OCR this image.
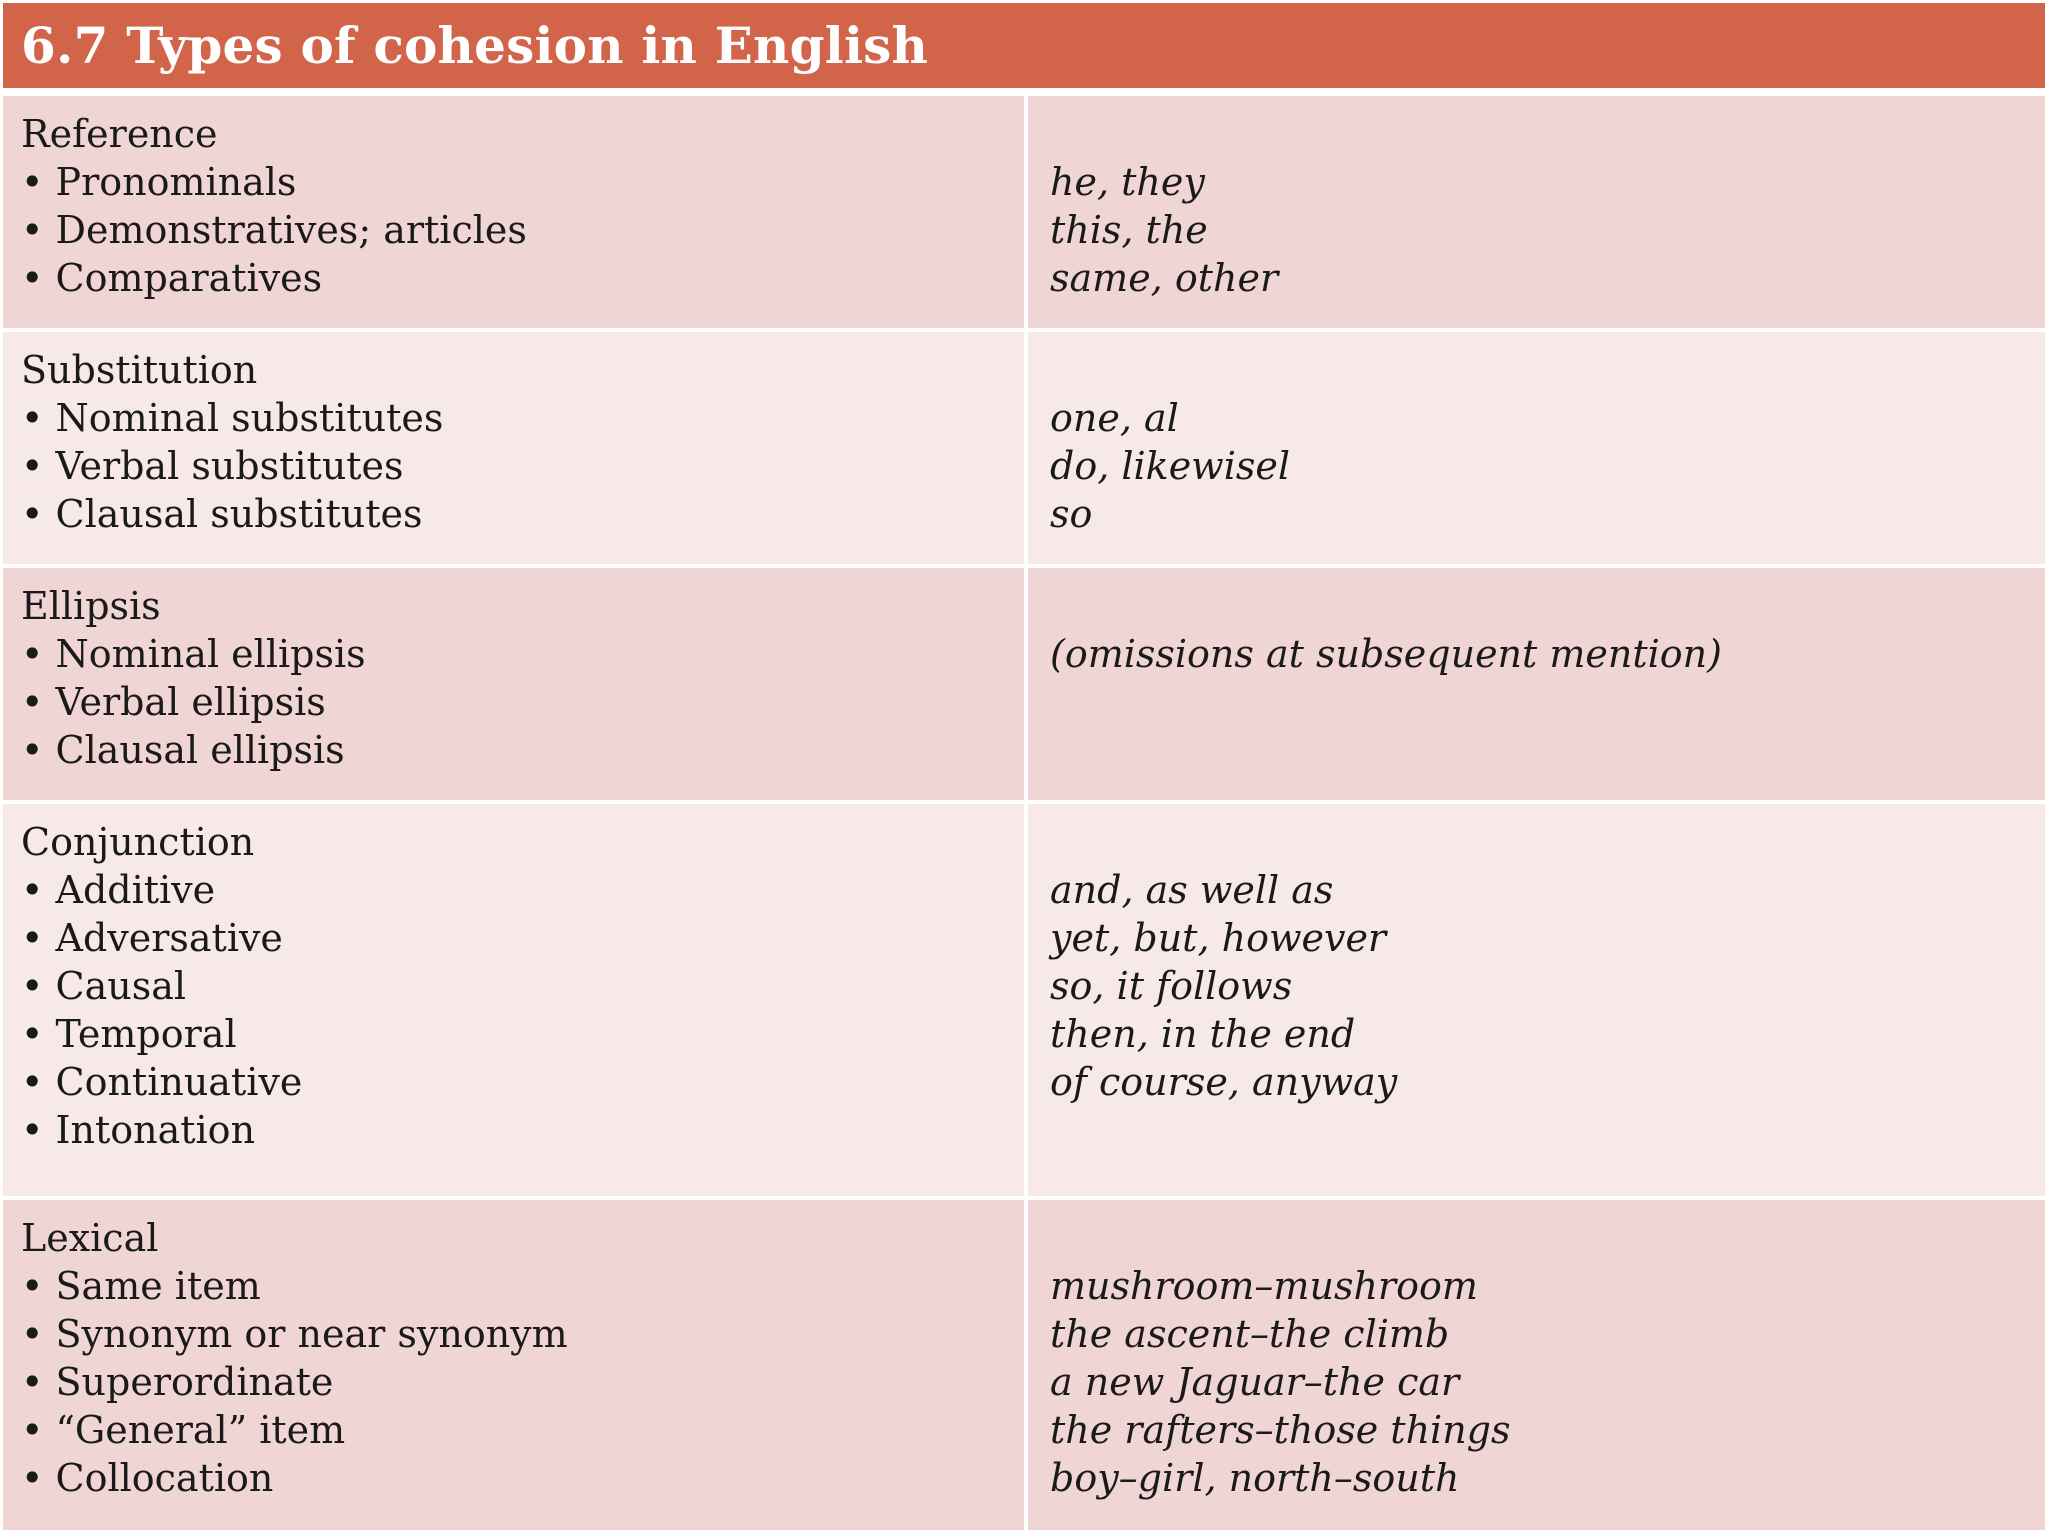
6.7 Types of cohesion in English
Reference
• Pronominals
• Demonstratives; articles
• Comparatives
he, they
this, the
same, other
Substitution
• Nominal substitutes
• Verbal substitutes
• Clausal substitutes
one, al
do, likewisel
so
Ellipsis
• Nominal ellipsis
• Verbal ellipsis
• Clausal ellipsis
(omissions at subsequent mention)
Conjunction
• Additive
• Adversative
• Causal
• Temporal
• Continuative
• Intonation
and, as well as
yet, but, however
so, it follows
then, in the end
of course, anyway
Lexical
• Same item
• Synonym or near synonym
• Superordinate
• “General” item
• Collocation
mushroom–mushroom
the ascent–the climb
a new Jaguar–the car
the rafters–those things
boy–girl, north–south
